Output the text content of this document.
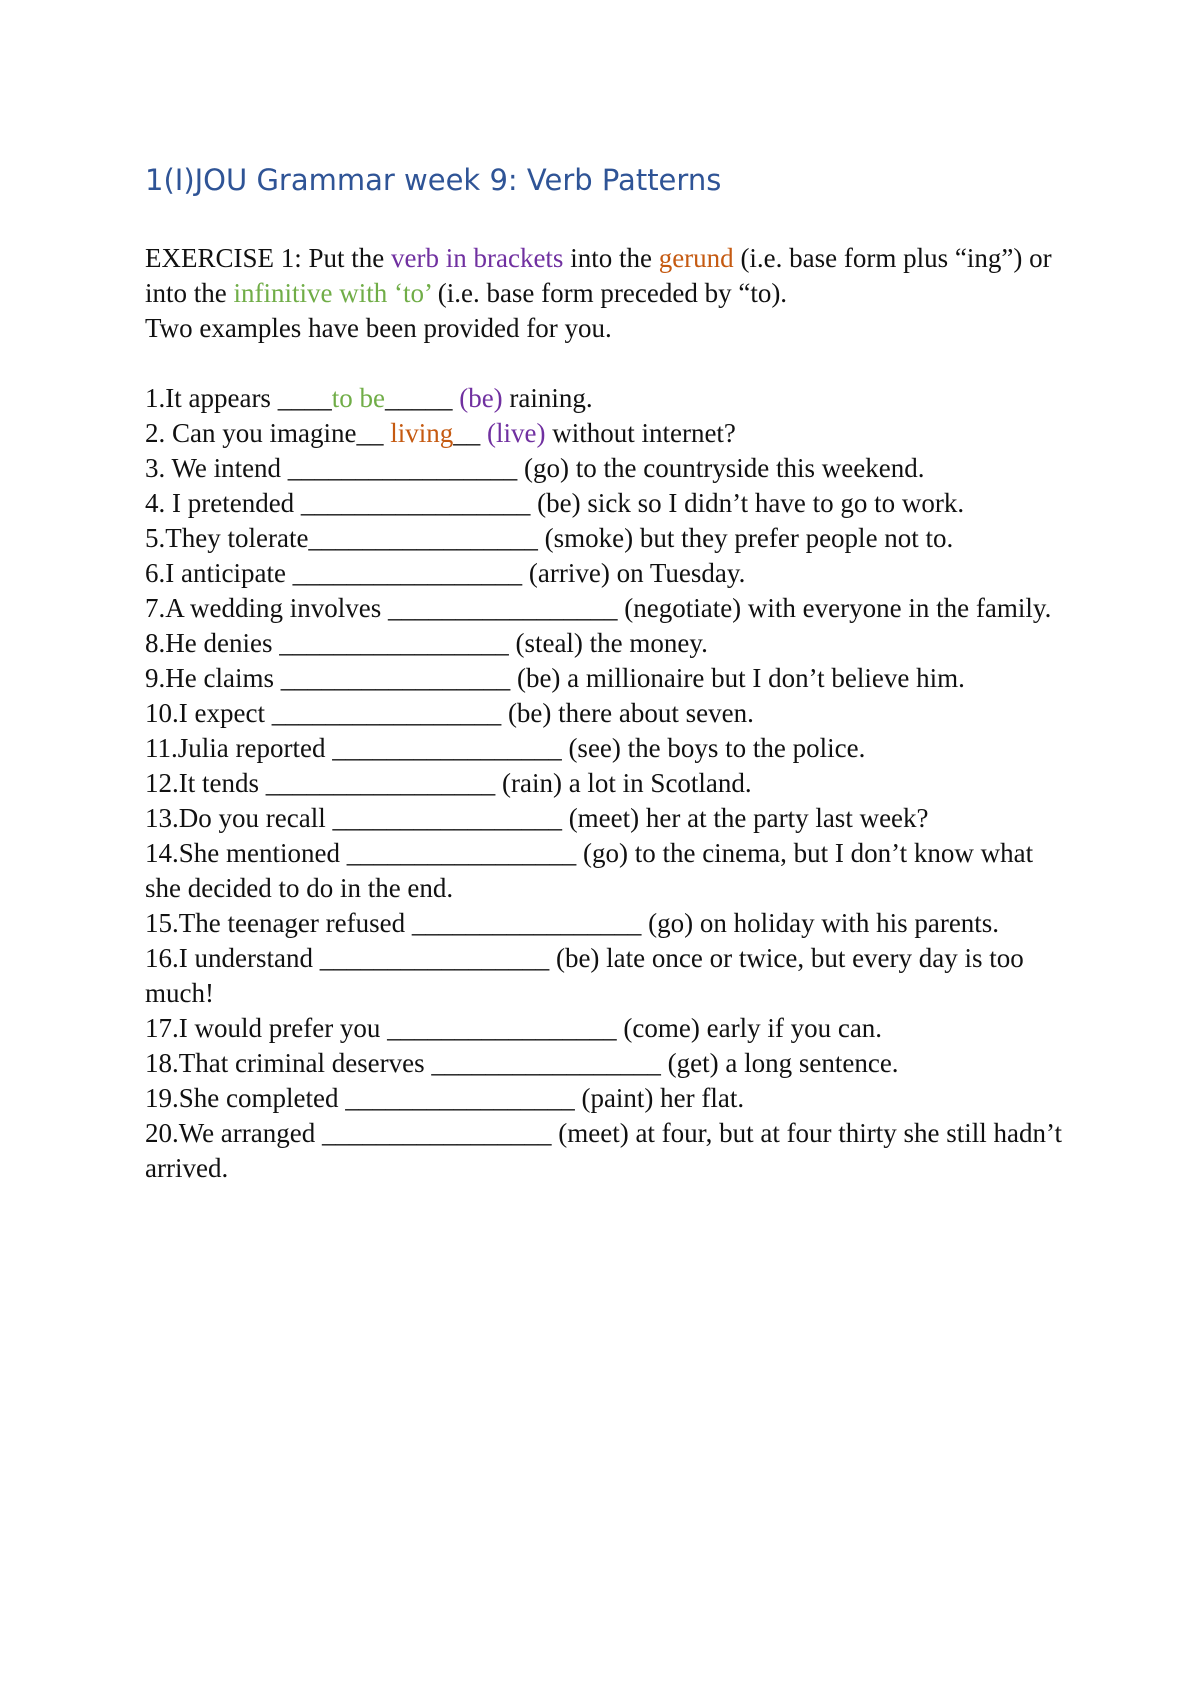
1(I)JOU Grammar week 9: Verb Patterns

EXERCISE 1: Put the verb in brackets into the gerund (i.e. base form plus “ing”) or into the infinitive with ‘to’ (i.e. base form preceded by “to).
Two examples have been provided for you.

1.It appears ____to be_____ (be) raining.

2. Can you imagine__ living__ (live) without internet?

3. We intend _________________ (go) to the countryside this weekend.

4. I pretended _________________ (be) sick so I didn’t have to go to work.

5.They tolerate_________________ (smoke) but they prefer people not to.

6.I anticipate _________________ (arrive) on Tuesday.

7.A wedding involves _________________ (negotiate) with everyone in the family.

8.He denies _________________ (steal) the money.

9.He claims _________________ (be) a millionaire but I don’t believe him.

10.I expect _________________ (be) there about seven.

11.Julia reported _________________ (see) the boys to the police.

12.It tends _________________ (rain) a lot in Scotland.

13.Do you recall _________________ (meet) her at the party last week?

14.She mentioned _________________ (go) to the cinema, but I don’t know what she decided to do in the end.

15.The teenager refused _________________ (go) on holiday with his parents.

16.I understand _________________ (be) late once or twice, but every day is too much!

17.I would prefer you _________________ (come) early if you can.

18.That criminal deserves _________________ (get) a long sentence.

19.She completed _________________ (paint) her flat.

20.We arranged _________________ (meet) at four, but at four thirty she still hadn’t arrived.
